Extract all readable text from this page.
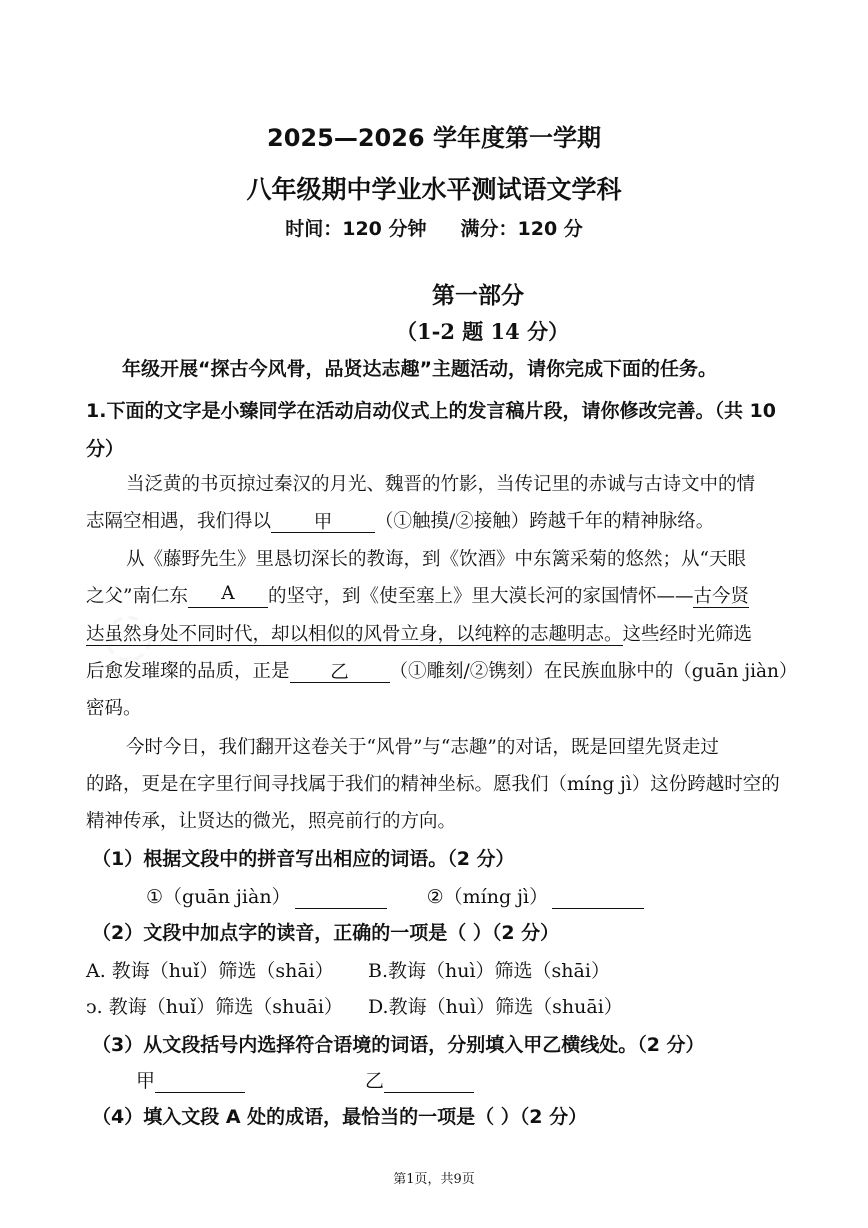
2025—2026 学年度第一学期
八年级期中学业水平测试语文学科
时间：120 分钟 满分：120 分
第一部分
（1-2 题 14 分）
年级开展“探古今风骨，品贤达志趣”主题活动，请你完成下面的任务。
1.下面的文字是小臻同学在活动启动仪式上的发言稿片段，请你修改完善。（共 10
分）
当泛黄的书页掠过秦汉的月光、魏晋的竹影，当传记里的赤诚与古诗文中的情
志隔空相遇，我们得以 甲 （①触摸/②接触）跨越千年的精神脉络。
从《藤野先生》里恳切深长的教诲，到《饮酒》中东篱采菊的悠然；从“天眼
之父”南仁东 A 的坚守，到《使至塞上》里大漠长河的家国情怀——古今贤
达虽然身处不同时代，却以相似的风骨立身，以纯粹的志趣明志。这些经时光筛选
后愈发璀璨的品质，正是 乙 （①雕刻/②镌刻）在民族血脉中的（guān jiàn）
密码。
今时今日，我们翻开这卷关于“风骨”与“志趣”的对话，既是回望先贤走过
的路，更是在字里行间寻找属于我们的精神坐标。愿我们（míng jì）这份跨越时空的
精神传承，让贤达的微光，照亮前行的方向。
（1）根据文段中的拼音写出相应的词语。（2 分）
①（guān jiàn）	②（míng jì）
（2）文段中加点字的读音，正确的一项是（ ）（2 分）
A. 教诲（huǐ）筛选（shāi） B.教诲（huì）筛选（shāi）
ↄ. 教诲（huǐ）筛选（shuāi） D.教诲（huì）筛选（shuāi）
（3）从文段括号内选择符合语境的词语，分别填入甲乙横线处。（2 分）
甲	乙
（4）填入文段 A 处的成语，最恰当的一项是（ ）（2 分）
第1页，共9页
